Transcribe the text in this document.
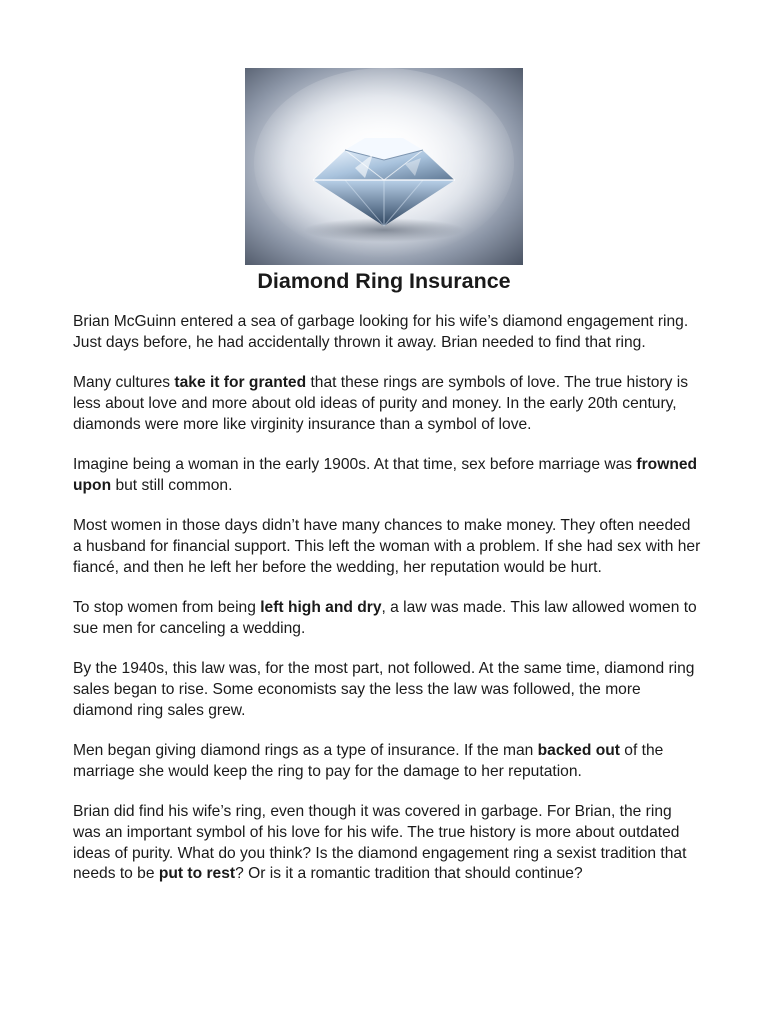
Diamond Ring Insurance

Brian McGuinn entered a sea of garbage looking for his wife’s diamond engagement ring. Just days before, he had accidentally thrown it away. Brian needed to find that ring.

Many cultures take it for granted that these rings are symbols of love. The true history is less about love and more about old ideas of purity and money. In the early 20th century, diamonds were more like virginity insurance than a symbol of love.

Imagine being a woman in the early 1900s. At that time, sex before marriage was frowned upon but still common.

Most women in those days didn’t have many chances to make money. They often needed a husband for financial support. This left the woman with a problem. If she had sex with her fiancé, and then he left her before the wedding, her reputation would be hurt.

To stop women from being left high and dry, a law was made. This law allowed women to sue men for canceling a wedding.

By the 1940s, this law was, for the most part, not followed. At the same time, diamond ring sales began to rise. Some economists say the less the law was followed, the more diamond ring sales grew.

Men began giving diamond rings as a type of insurance. If the man backed out of the marriage she would keep the ring to pay for the damage to her reputation.

Brian did find his wife’s ring, even though it was covered in garbage. For Brian, the ring was an important symbol of his love for his wife. The true history is more about outdated ideas of purity. What do you think? Is the diamond engagement ring a sexist tradition that needs to be put to rest? Or is it a romantic tradition that should continue?
